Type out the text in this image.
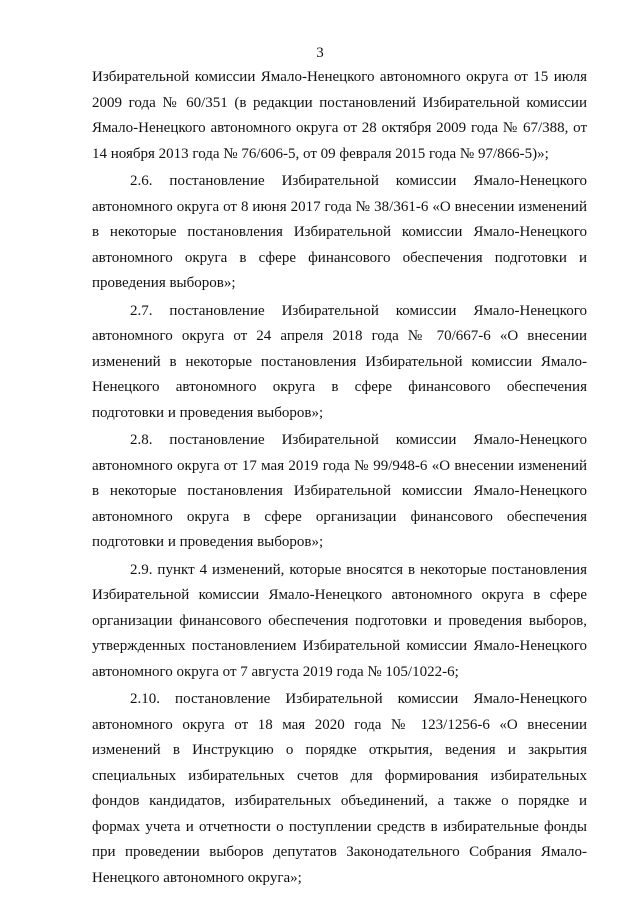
3

Избирательной комиссии Ямало-Ненецкого автономного округа от 15 июля 2009 года № 60/351 (в редакции постановлений Избирательной комиссии Ямало-Ненецкого автономного округа от 28 октября 2009 года № 67/388, от 14 ноября 2013 года № 76/606-5, от 09 февраля 2015 года № 97/866-5)»;

2.6. постановление Избирательной комиссии Ямало-Ненецкого автономного округа от 8 июня 2017 года № 38/361-6 «О внесении изменений в некоторые постановления Избирательной комиссии Ямало-Ненецкого автономного округа в сфере финансового обеспечения подготовки и проведения выборов»;

2.7. постановление Избирательной комиссии Ямало-Ненецкого автономного округа от 24 апреля 2018 года № 70/667-6 «О внесении изменений в некоторые постановления Избирательной комиссии Ямало-Ненецкого автономного округа в сфере финансового обеспечения подготовки и проведения выборов»;

2.8. постановление Избирательной комиссии Ямало-Ненецкого автономного округа от 17 мая 2019 года № 99/948-6 «О внесении изменений в некоторые постановления Избирательной комиссии Ямало-Ненецкого автономного округа в сфере организации финансового обеспечения подготовки и проведения выборов»;

2.9. пункт 4 изменений, которые вносятся в некоторые постановления Избирательной комиссии Ямало-Ненецкого автономного округа в сфере организации финансового обеспечения подготовки и проведения выборов, утвержденных постановлением Избирательной комиссии Ямало-Ненецкого автономного округа от 7 августа 2019 года № 105/1022-6;

2.10. постановление Избирательной комиссии Ямало-Ненецкого автономного округа от 18 мая 2020 года № 123/1256-6 «О внесении изменений в Инструкцию о порядке открытия, ведения и закрытия специальных избирательных счетов для формирования избирательных фондов кандидатов, избирательных объединений, а также о порядке и формах учета и отчетности о поступлении средств в избирательные фонды при проведении выборов депутатов Законодательного Собрания Ямало-Ненецкого автономного округа»;
